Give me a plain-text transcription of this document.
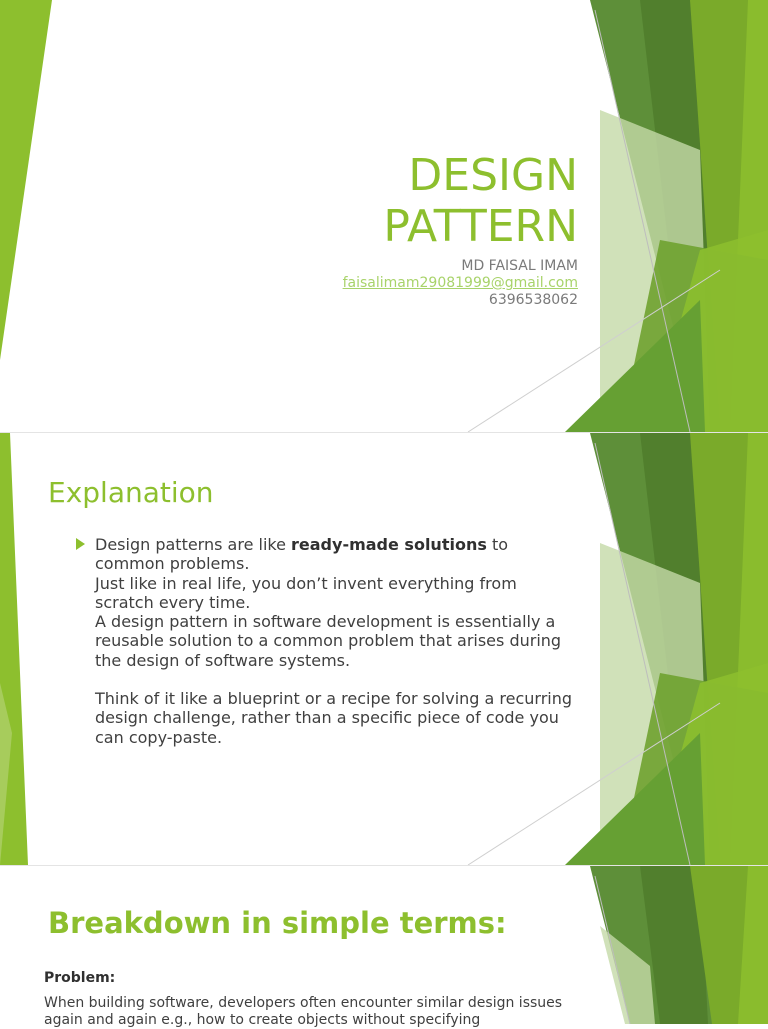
DESIGN PATTERN
MD FAISAL IMAM
faisalimam29081999@gmail.com
6396538062
Explanation

Design patterns are like ready-made solutions to common problems.

Just like in real life, you don’t invent everything from scratch every time.

A design pattern in software development is essentially a reusable solution to a common problem that arises during the design of software systems.

Think of it like a blueprint or a recipe for solving a recurring design challenge, rather than a specific piece of code you can copy-paste.

Breakdown in simple terms:

Problem:

When building software, developers often encounter similar design issues again and again e.g., how to create objects without specifying
